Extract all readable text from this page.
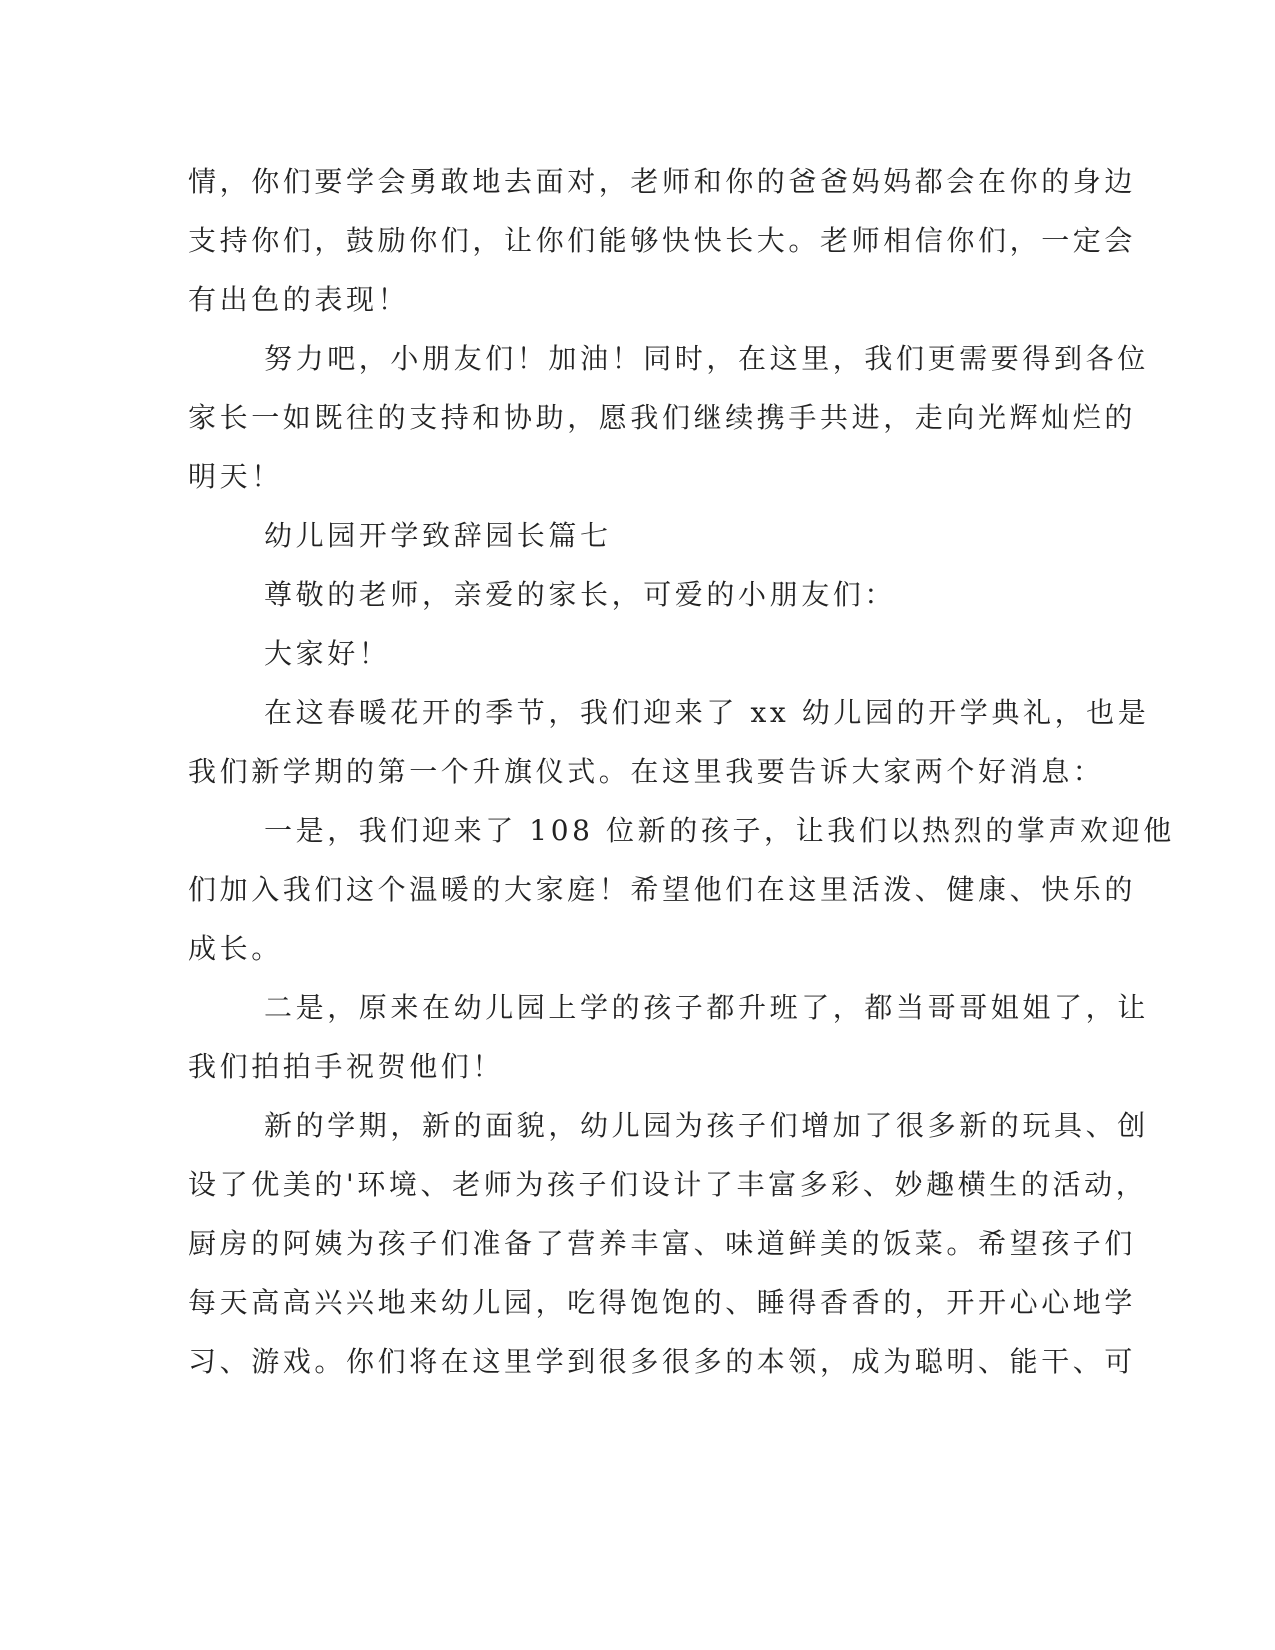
情，你们要学会勇敢地去面对，老师和你的爸爸妈妈都会在你的身边
支持你们，鼓励你们，让你们能够快快长大。老师相信你们，一定会
有出色的表现！
努力吧，小朋友们！加油！同时，在这里，我们更需要得到各位
家长一如既往的支持和协助，愿我们继续携手共进，走向光辉灿烂的
明天！
幼儿园开学致辞园长篇七
尊敬的老师，亲爱的家长，可爱的小朋友们：
大家好！
在这春暖花开的季节，我们迎来了 xx 幼儿园的开学典礼，也是
我们新学期的第一个升旗仪式。在这里我要告诉大家两个好消息：
一是，我们迎来了 108 位新的孩子，让我们以热烈的掌声欢迎他
们加入我们这个温暖的大家庭！希望他们在这里活泼、健康、快乐的
成长。
二是，原来在幼儿园上学的孩子都升班了，都当哥哥姐姐了，让
我们拍拍手祝贺他们！
新的学期，新的面貌，幼儿园为孩子们增加了很多新的玩具、创
设了优美的'环境、老师为孩子们设计了丰富多彩、妙趣横生的活动，
厨房的阿姨为孩子们准备了营养丰富、味道鲜美的饭菜。希望孩子们
每天高高兴兴地来幼儿园，吃得饱饱的、睡得香香的，开开心心地学
习、游戏。你们将在这里学到很多很多的本领，成为聪明、能干、可
